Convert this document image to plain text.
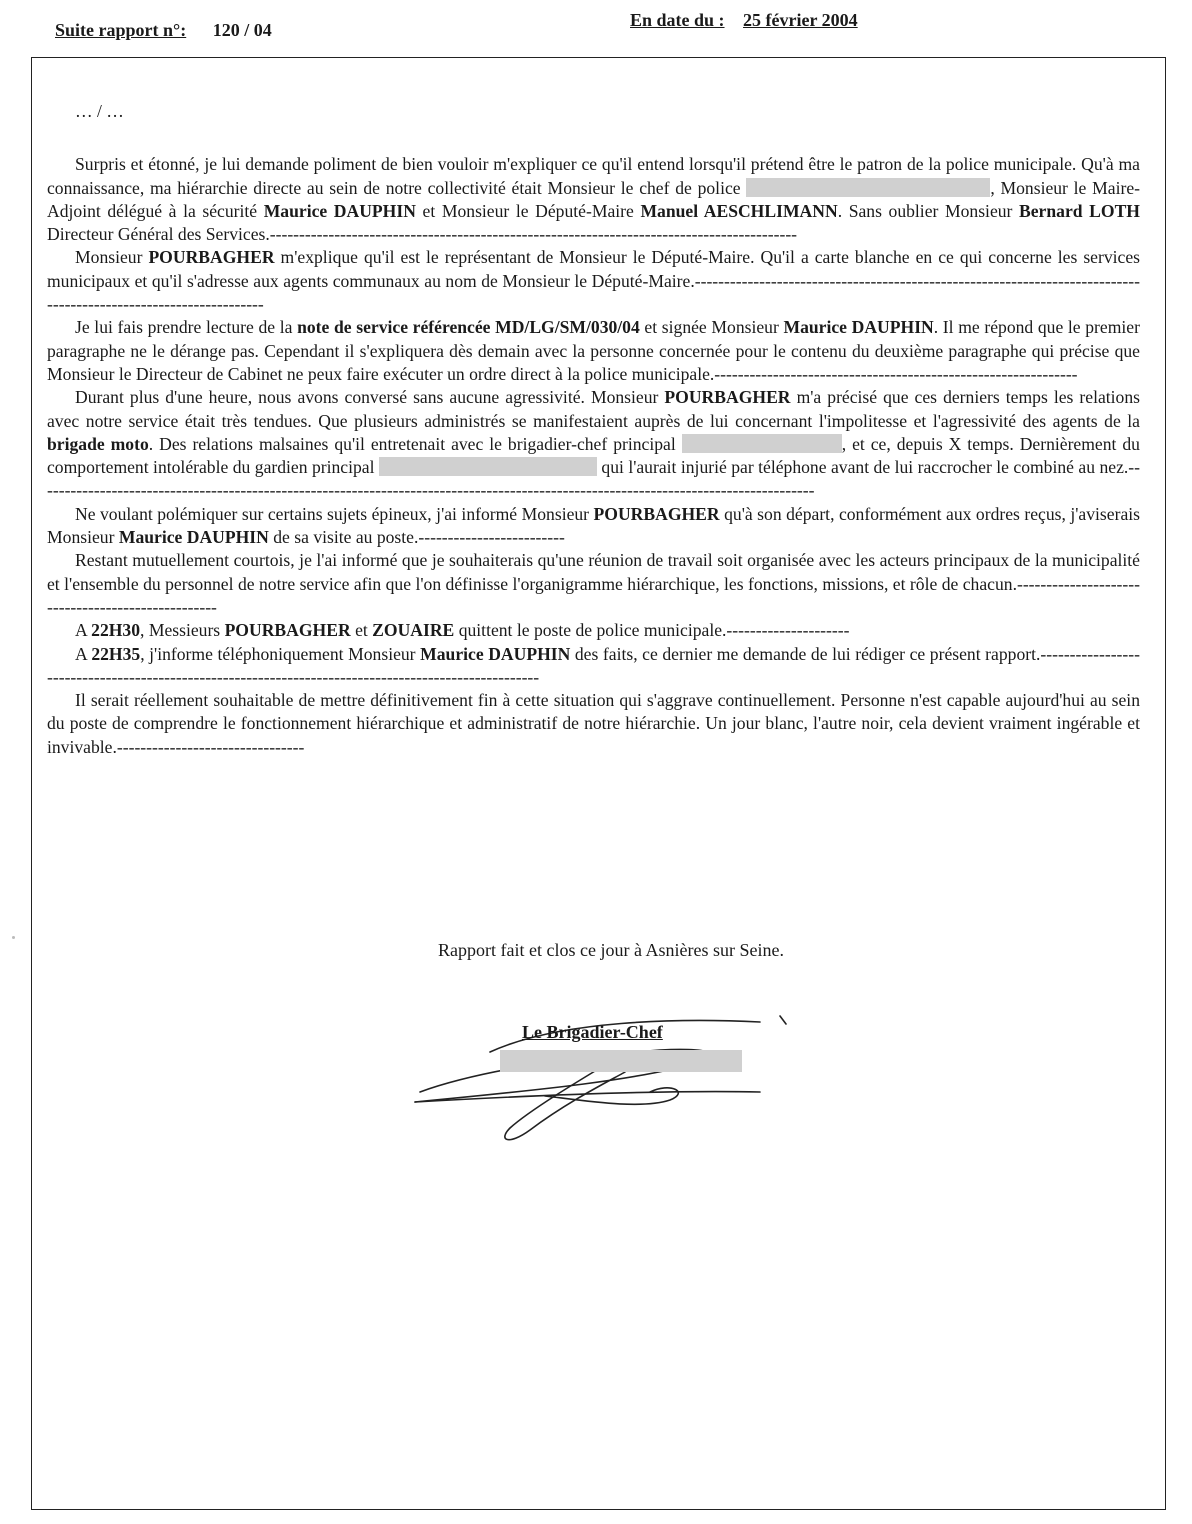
Suite rapport n°: 120 / 04	En date du : 25 février 2004

… / …

Surpris et étonné, je lui demande poliment de bien vouloir m'expliquer ce qu'il entend lorsqu'il prétend être le patron de la police municipale. Qu'à ma connaissance, ma hiérarchie directe au sein de notre collectivité était Monsieur le chef de police	, Monsieur le Maire-Adjoint délégué à la sécurité Maurice DAUPHIN et Monsieur le Député-Maire Manuel AESCHLIMANN. Sans oublier Monsieur Bernard LOTH Directeur Général des Services.------------------------------------------------------------------------------------------

Monsieur POURBAGHER m'explique qu'il est le représentant de Monsieur le Député-Maire. Qu'il a carte blanche en ce qui concerne les services municipaux et qu'il s'adresse aux agents communaux au nom de Monsieur le Député-Maire.-----------------------------------------------------------------------------------------------------------------

Je lui fais prendre lecture de la note de service référencée MD/LG/SM/030/04 et signée Monsieur Maurice DAUPHIN. Il me répond que le premier paragraphe ne le dérange pas. Cependant il s'expliquera dès demain avec la personne concernée pour le contenu du deuxième paragraphe qui précise que Monsieur le Directeur de Cabinet ne peux faire exécuter un ordre direct à la police municipale.--------------------------------------------------------------

Durant plus d'une heure, nous avons conversé sans aucune agressivité. Monsieur POURBAGHER m'a précisé que ces derniers temps les relations avec notre service était très tendues. Que plusieurs administrés se manifestaient auprès de lui concernant l'impolitesse et l'agressivité des agents de la brigade moto. Des relations malsaines qu'il entretenait avec le brigadier-chef principal	, et ce, depuis X temps. Dernièrement du comportement intolérable du gardien principal	qui l'aurait injurié par téléphone avant de lui raccrocher le combiné au nez.-------------------------------------------------------------------------------------------------------------------------------------

Ne voulant polémiquer sur certains sujets épineux, j'ai informé Monsieur POURBAGHER qu'à son départ, conformément aux ordres reçus, j'aviserais Monsieur Maurice DAUPHIN de sa visite au poste.-------------------------

Restant mutuellement courtois, je l'ai informé que je souhaiterais qu'une réunion de travail soit organisée avec les acteurs principaux de la municipalité et l'ensemble du personnel de notre service afin que l'on définisse l'organigramme hiérarchique, les fonctions, missions, et rôle de chacun.--------------------------------------------------

A 22H30, Messieurs POURBAGHER et ZOUAIRE quittent le poste de police municipale.---------------------

A 22H35, j'informe téléphoniquement Monsieur Maurice DAUPHIN des faits, ce dernier me demande de lui rédiger ce présent rapport.-----------------------------------------------------------------------------------------------------

Il serait réellement souhaitable de mettre définitivement fin à cette situation qui s'aggrave continuellement. Personne n'est capable aujourd'hui au sein du poste de comprendre le fonctionnement hiérarchique et administratif de notre hiérarchie. Un jour blanc, l'autre noir, cela devient vraiment ingérable et invivable.--------------------------------

Rapport fait et clos ce jour à Asnières sur Seine.
Le Brigadier-Chef
